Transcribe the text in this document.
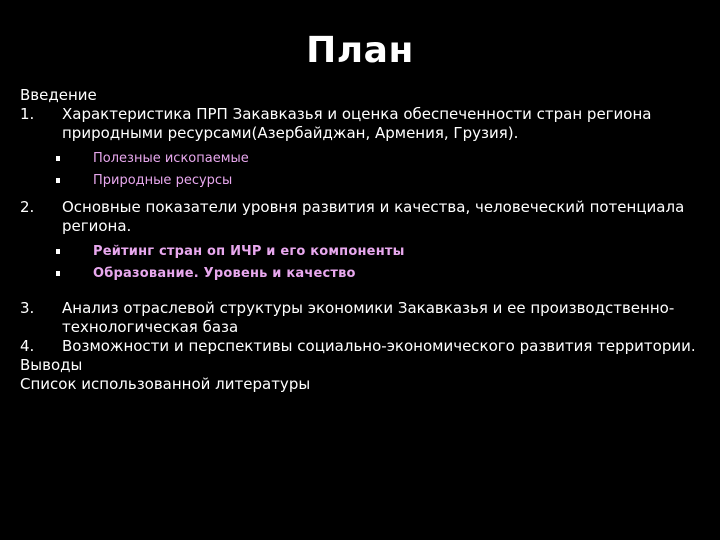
План
Введение
1. Характеристика ПРП Закавказья и оценка обеспеченности стран региона природными ресурсами(Азербайджан, Армения, Грузия).
Полезные ископаемые
Природные ресурсы
2. Основные показатели уровня развития и качества, человеческий потенциала региона.
Рейтинг стран оп ИЧР и его компоненты
Образование. Уровень и качество
3. Анализ отраслевой структуры экономики Закавказья и ее производственно-технологическая база
4. Возможности и перспективы социально-экономического развития территории.
Выводы
Список использованной литературы
